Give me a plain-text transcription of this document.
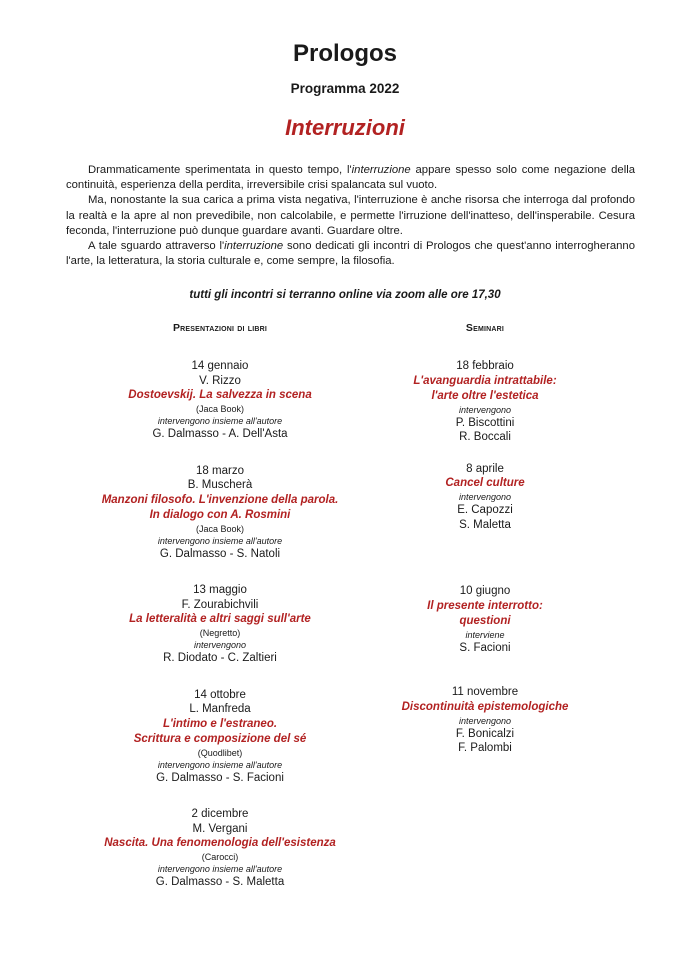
Prologos
Programma 2022
Interruzioni

Drammaticamente sperimentata in questo tempo, l'interruzione appare spesso solo come negazione della continuità, esperienza della perdita, irreversibile crisi spalancata sul vuoto.

Ma, nonostante la sua carica a prima vista negativa, l'interruzione è anche risorsa che interroga dal profondo la realtà e la apre al non prevedibile, non calcolabile, e permette l'irruzione dell'inatteso, dell'insperabile. Cesura feconda, l'interruzione può dunque guardare avanti. Guardare oltre.

A tale sguardo attraverso l'interruzione sono dedicati gli incontri di Prologos che quest'anno interrogheranno l'arte, la letteratura, la storia culturale e, come sempre, la filosofia.

tutti gli incontri si terranno online via zoom alle ore 17,30
Presentazioni di libri
14 gennaio
V. Rizzo
Dostoevskij. La salvezza in scena
(Jaca Book)
intervengono insieme all'autore
G. Dalmasso - A. Dell'Asta
18 marzo
B. Muscherà
Manzoni filosofo. L'invenzione della parola.
In dialogo con A. Rosmini
(Jaca Book)
intervengono insieme all'autore
G. Dalmasso - S. Natoli
13 maggio
F. Zourabichvili
La letteralità e altri saggi sull'arte
(Negretto)
intervengono
R. Diodato - C. Zaltieri
14 ottobre
L. Manfreda
L'intimo e l'estraneo.
Scrittura e composizione del sé
(Quodlibet)
intervengono insieme all'autore
G. Dalmasso - S. Facioni
2 dicembre
M. Vergani
Nascita. Una fenomenologia dell'esistenza
(Carocci)
intervengono insieme all'autore
G. Dalmasso - S. Maletta
Seminari
18 febbraio
L'avanguardia intrattabile:
l'arte oltre l'estetica
intervengono
P. Biscottini
R. Boccali
8 aprile
Cancel culture
intervengono
E. Capozzi
S. Maletta
10 giugno
Il presente interrotto:
questioni
interviene
S. Facioni
11 novembre
Discontinuità epistemologiche
intervengono
F. Bonicalzi
F. Palombi
